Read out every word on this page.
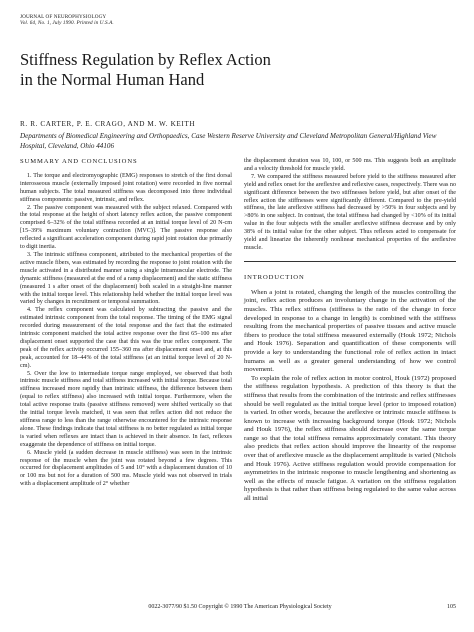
JOURNAL OF NEUROPHYSIOLOGY
Vol. 64, No. 1, July 1990. Printed in U.S.A.
Stiffness Regulation by Reflex Action
in the Normal Human Hand
R. R. CARTER, P. E. CRAGO, AND M. W. KEITH
Departments of Biomedical Engineering and Orthopaedics, Case Western Reserve University and Cleveland Metropolitan General/Highland View Hospital, Cleveland, Ohio 44106
SUMMARY AND CONCLUSIONS

1. The torque and electromyographic (EMG) responses to stretch of the first dorsal interosseous muscle (externally imposed joint rotation) were recorded in five normal human subjects. The total measured stiffness was decomposed into three individual stiffness components: passive, intrinsic, and reflex.

2. The passive component was measured with the subject relaxed. Compared with the total response at the height of short latency reflex action, the passive component comprised 6–32% of the total stiffness recorded at an initial torque level of 20 N-cm [15–39% maximum voluntary contraction (MVC)]. The passive response also reflected a significant acceleration component during rapid joint rotation due primarily to digit inertia.

3. The intrinsic stiffness component, attributed to the mechanical properties of the active muscle fibers, was estimated by recording the response to joint rotation with the muscle activated in a distributed manner using a single intramuscular electrode. The dynamic stiffness (measured at the end of a ramp displacement) and the static stiffness (measured 1 s after onset of the displacement) both scaled in a straight-line manner with the initial torque level. This relationship held whether the initial torque level was varied by changes in recruitment or temporal summation.

4. The reflex component was calculated by subtracting the passive and the estimated intrinsic component from the total response. The timing of the EMG signal recorded during measurement of the total response and the fact that the estimated intrinsic component matched the total active response over the first 65–100 ms after displacement onset supported the case that this was the true reflex component. The peak of the reflex activity occurred 155–360 ms after displacement onset and, at this peak, accounted for 18–44% of the total stiffness (at an initial torque level of 20 N-cm).

5. Over the low to intermediate torque range employed, we observed that both intrinsic muscle stiffness and total stiffness increased with initial torque. Because total stiffness increased more rapidly than intrinsic stiffness, the difference between them (equal to reflex stiffness) also increased with initial torque. Furthermore, when the total active response traits (passive stiffness removed) were shifted vertically so that the initial torque levels matched, it was seen that reflex action did not reduce the stiffness range to less than the range otherwise encountered for the intrinsic response alone. These findings indicate that total stiffness is no better regulated as initial torque is varied when reflexes are intact than is achieved in their absence. In fact, reflexes exaggerate the dependence of stiffness on initial torque.

6. Muscle yield (a sudden decrease in muscle stiffness) was seen in the intrinsic response of the muscle when the joint was rotated beyond a few degrees. This occurred for displacement amplitudes of 5 and 10° with a displacement duration of 10 or 100 ms but not for a duration of 500 ms. Muscle yield was not observed in trials with a displacement amplitude of 2° whether

the displacement duration was 10, 100, or 500 ms. This suggests both an amplitude and a velocity threshold for muscle yield.

7. We compared the stiffness measured before yield to the stiffness measured after yield and reflex onset for the areflexive and reflexive cases, respectively. There was no significant difference between the two stiffnesses before yield, but after onset of the reflex action the stiffnesses were significantly different. Compared to the pre-yield stiffness, the late areflexive stiffness had decreased by >50% in four subjects and by >80% in one subject. In contrast, the total stiffness had changed by <10% of its initial value in the four subjects with the smaller areflexive stiffness decrease and by only 38% of its initial value for the other subject. Thus reflexes acted to compensate for yield and linearize the inherently nonlinear mechanical properties of the areflexive muscle.

INTRODUCTION

When a joint is rotated, changing the length of the muscles controlling the joint, reflex action produces an involuntary change in the activation of the muscles. This reflex stiffness (stiffness is the ratio of the change in force developed in response to a change in length) is combined with the stiffness resulting from the mechanical properties of passive tissues and active muscle fibers to produce the total stiffness measured externally (Houk 1972; Nichols and Houk 1976). Separation and quantification of these components will provide a key to understanding the functional role of reflex action in intact humans as well as a greater general understanding of how we control movement.

To explain the role of reflex action in motor control, Houk (1972) proposed the stiffness regulation hypothesis. A prediction of this theory is that the stiffness that results from the combination of the intrinsic and reflex stiffnesses should be well regulated as the initial torque level (prior to imposed rotation) is varied. In other words, because the areflexive or intrinsic muscle stiffness is known to increase with increasing background torque (Houk 1972; Nichols and Houk 1976), the reflex stiffness should decrease over the same torque range so that the total stiffness remains approximately constant. This theory also predicts that reflex action should improve the linearity of the response over that of areflexive muscle as the displacement amplitude is varied (Nichols and Houk 1976). Active stiffness regulation would provide compensation for asymmetries in the intrinsic response to muscle lengthening and shortening as well as the effects of muscle fatigue. A variation on the stiffness regulation hypothesis is that rather than stiffness being regulated to the same value across all initial

0022-3077/90 $1.50 Copyright © 1990 The American Physiological Society	105
